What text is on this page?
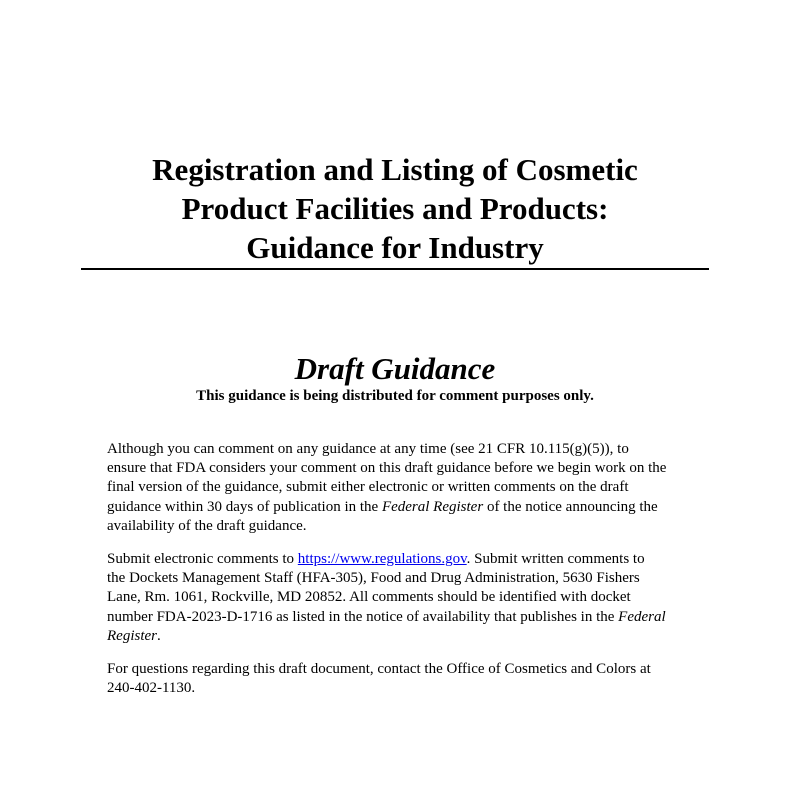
Registration and Listing of Cosmetic
Product Facilities and Products:
Guidance for Industry
Draft Guidance

This guidance is being distributed for comment purposes only.

Although you can comment on any guidance at any time (see 21 CFR 10.115(g)(5)), to
ensure that FDA considers your comment on this draft guidance before we begin work on the
final version of the guidance, submit either electronic or written comments on the draft
guidance within 30 days of publication in the Federal Register of the notice announcing the
availability of the draft guidance.

Submit electronic comments to https://www.regulations.gov. Submit written comments to
the Dockets Management Staff (HFA-305), Food and Drug Administration, 5630 Fishers
Lane, Rm. 1061, Rockville, MD 20852. All comments should be identified with docket
number FDA-2023-D-1716 as listed in the notice of availability that publishes in the Federal
Register.

For questions regarding this draft document, contact the Office of Cosmetics and Colors at
240-402-1130.
